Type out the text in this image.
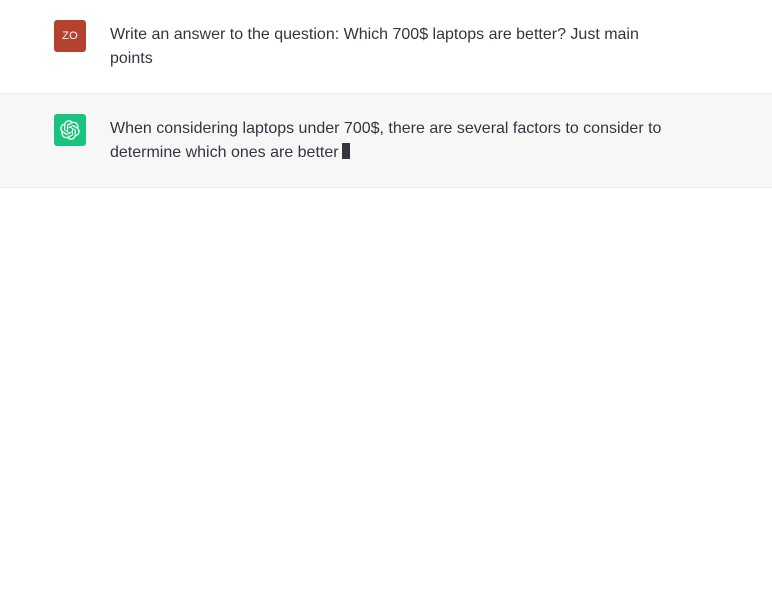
ZO Write an answer to the question: Which 700$ laptops are better? Just main points

When considering laptops under 700$, there are several factors to consider to determine which ones are better
